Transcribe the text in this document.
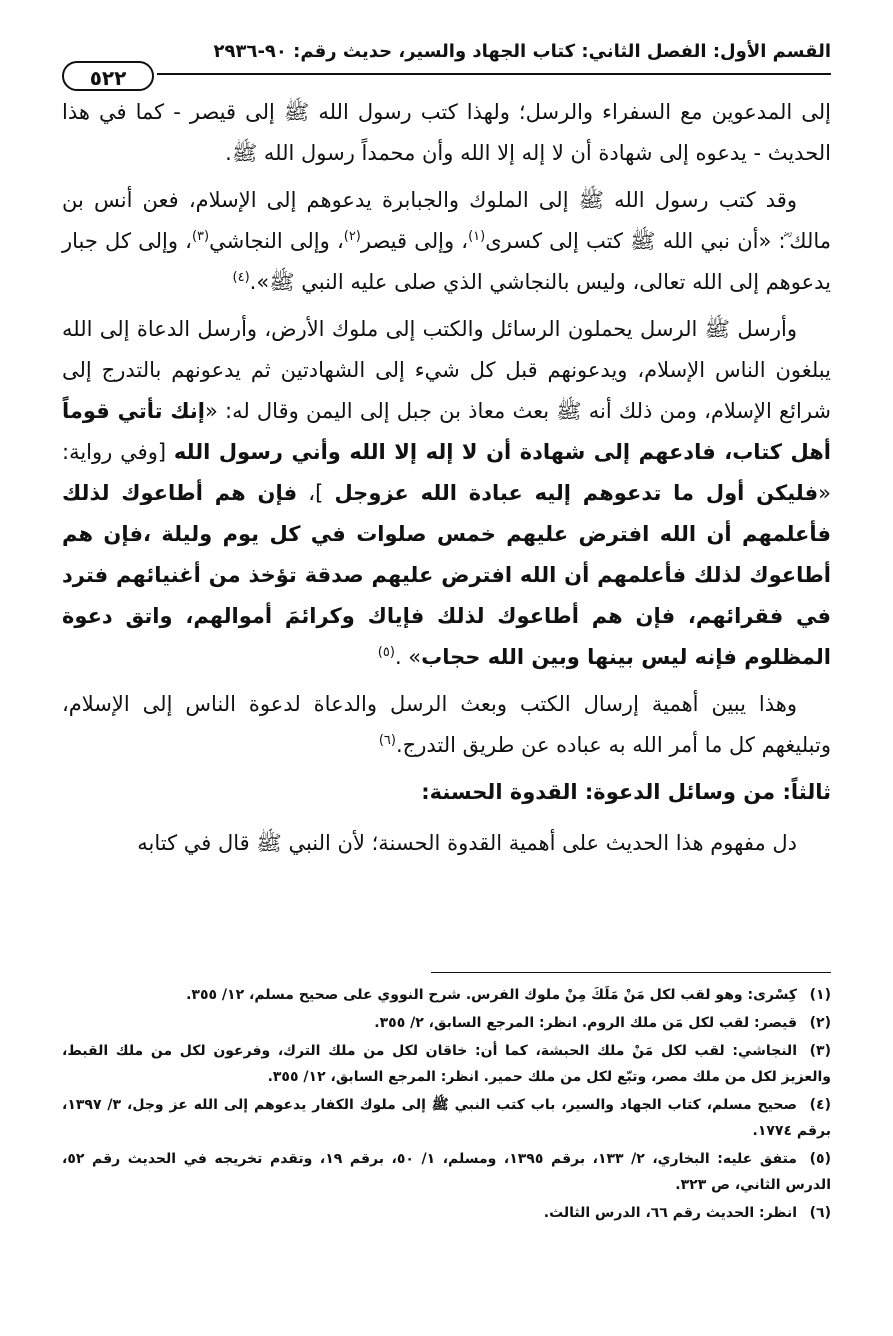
القسم الأول: الفصل الثاني: كتاب الجهاد والسير، حديث رقم: ٩٠-٢٩٣٦
٥٢٢

إلى المدعوين مع السفراء والرسل؛ ولهذا كتب رسول الله ﷺ إلى قيصر - كما في هذا الحديث - يدعوه إلى شهادة أن لا إله إلا الله وأن محمداً رسول الله ﷺ.

وقد كتب رسول الله ﷺ إلى الملوك والجبابرة يدعوهم إلى الإسلام، فعن أنس بن مالك ؓ: «أن نبي الله ﷺ كتب إلى كسرى$^{(١)}$، وإلى قيصر$^{(٢)}$، وإلى النجاشي$^{(٣)}$، وإلى كل جبار يدعوهم إلى الله تعالى، وليس بالنجاشي الذي صلى عليه النبي ﷺ».$^{(٤)}$

وأرسل ﷺ الرسل يحملون الرسائل والكتب إلى ملوك الأرض، وأرسل الدعاة إلى الله يبلغون الناس الإسلام، ويدعونهم قبل كل شيء إلى الشهادتين ثم يدعونهم بالتدرج إلى شرائع الإسلام، ومن ذلك أنه ﷺ بعث معاذ بن جبل إلى اليمن وقال له: «إنك تأتي قوماً أهل كتاب، فادعهم إلى شهادة أن لا إله إلا الله وأني رسول الله [وفي رواية: «فليكن أول ما تدعوهم إليه عبادة الله عزوجل ]، فإن هم أطاعوك لذلك فأعلمهم أن الله افترض عليهم خمس صلوات في كل يوم وليلة ،فإن هم أطاعوك لذلك فأعلمهم أن الله افترض عليهم صدقة تؤخذ من أغنيائهم فترد في فقرائهم، فإن هم أطاعوك لذلك فإياك وكرائمَ أموالهم، واتق دعوة المظلوم فإنه ليس بينها وبين الله حجاب» .$^{(٥)}$

وهذا يبين أهمية إرسال الكتب وبعث الرسل والدعاة لدعوة الناس إلى الإسلام، وتبليغهم كل ما أمر الله به عباده عن طريق التدرج.$^{(٦)}$

ثالثاً: من وسائل الدعوة: القدوة الحسنة:

دل مفهوم هذا الحديث على أهمية القدوة الحسنة؛ لأن النبي ﷺ قال في كتابه

(١)كِسْرى: وهو لقب لكل مَنْ مَلَكَ مِنْ ملوك الفرس. شرح النووي على صحيح مسلم، ١٢/ ٣٥٥.

(٢)قيصر: لقب لكل مَن ملك الروم. انظر: المرجع السابق، ٢/ ٣٥٥.

(٣)النجاشي: لقب لكل مَنْ ملك الحبشة، كما أن: خاقان لكل من ملك الترك، وفرعون لكل من ملك القبط، والعزيز لكل من ملك مصر، وتبّع لكل من ملك حمير. انظر: المرجع السابق، ١٢/ ٣٥٥.

(٤)صحيح مسلم، كتاب الجهاد والسير، باب كتب النبي ﷺ إلى ملوك الكفار يدعوهم إلى الله عز وجل، ٣/ ١٣٩٧، برقم ١٧٧٤.

(٥)متفق عليه: البخاري، ٢/ ١٣٣، برقم ١٣٩٥، ومسلم، ١/ ٥٠، برقم ١٩، وتقدم تخريجه في الحديث رقم ٥٢، الدرس الثاني، ص ٣٢٣.

(٦)انظر: الحديث رقم ٦٦، الدرس الثالث.
